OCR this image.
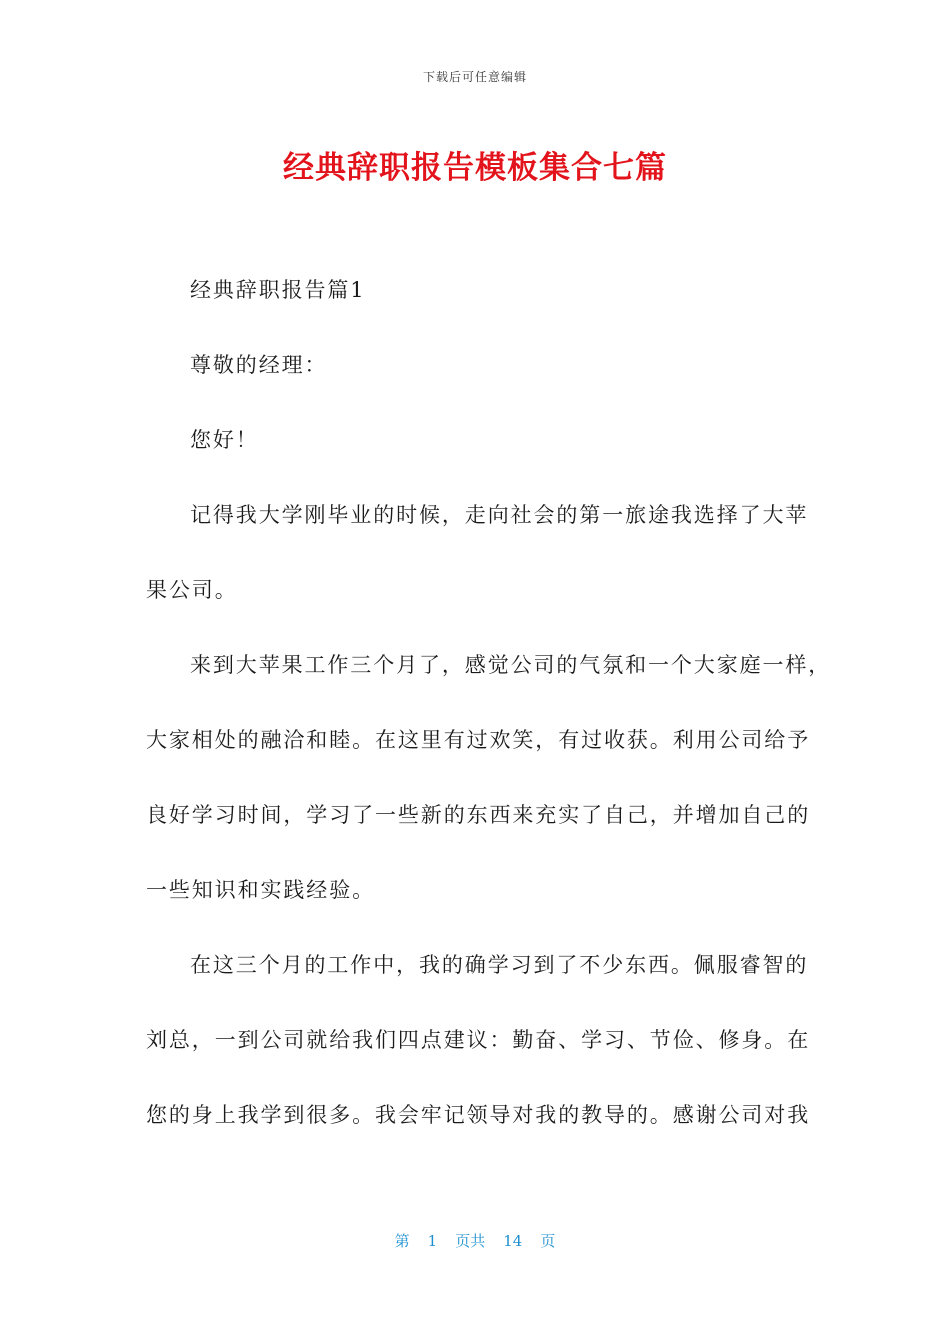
下载后可任意编辑
经典辞职报告模板集合七篇

经典辞职报告篇1

尊敬的经理：

您好！

记得我大学刚毕业的时候，走向社会的第一旅途我选择了大苹
果公司。

来到大苹果工作三个月了，感觉公司的气氛和一个大家庭一样，
大家相处的融洽和睦。在这里有过欢笑，有过收获。利用公司给予
良好学习时间，学习了一些新的东西来充实了自己，并增加自己的
一些知识和实践经验。

在这三个月的工作中，我的确学习到了不少东西。佩服睿智的
刘总，一到公司就给我们四点建议：勤奋、学习、节俭、修身。在
您的身上我学到很多。我会牢记领导对我的教导的。感谢公司对我

第 1 页共 14 页
